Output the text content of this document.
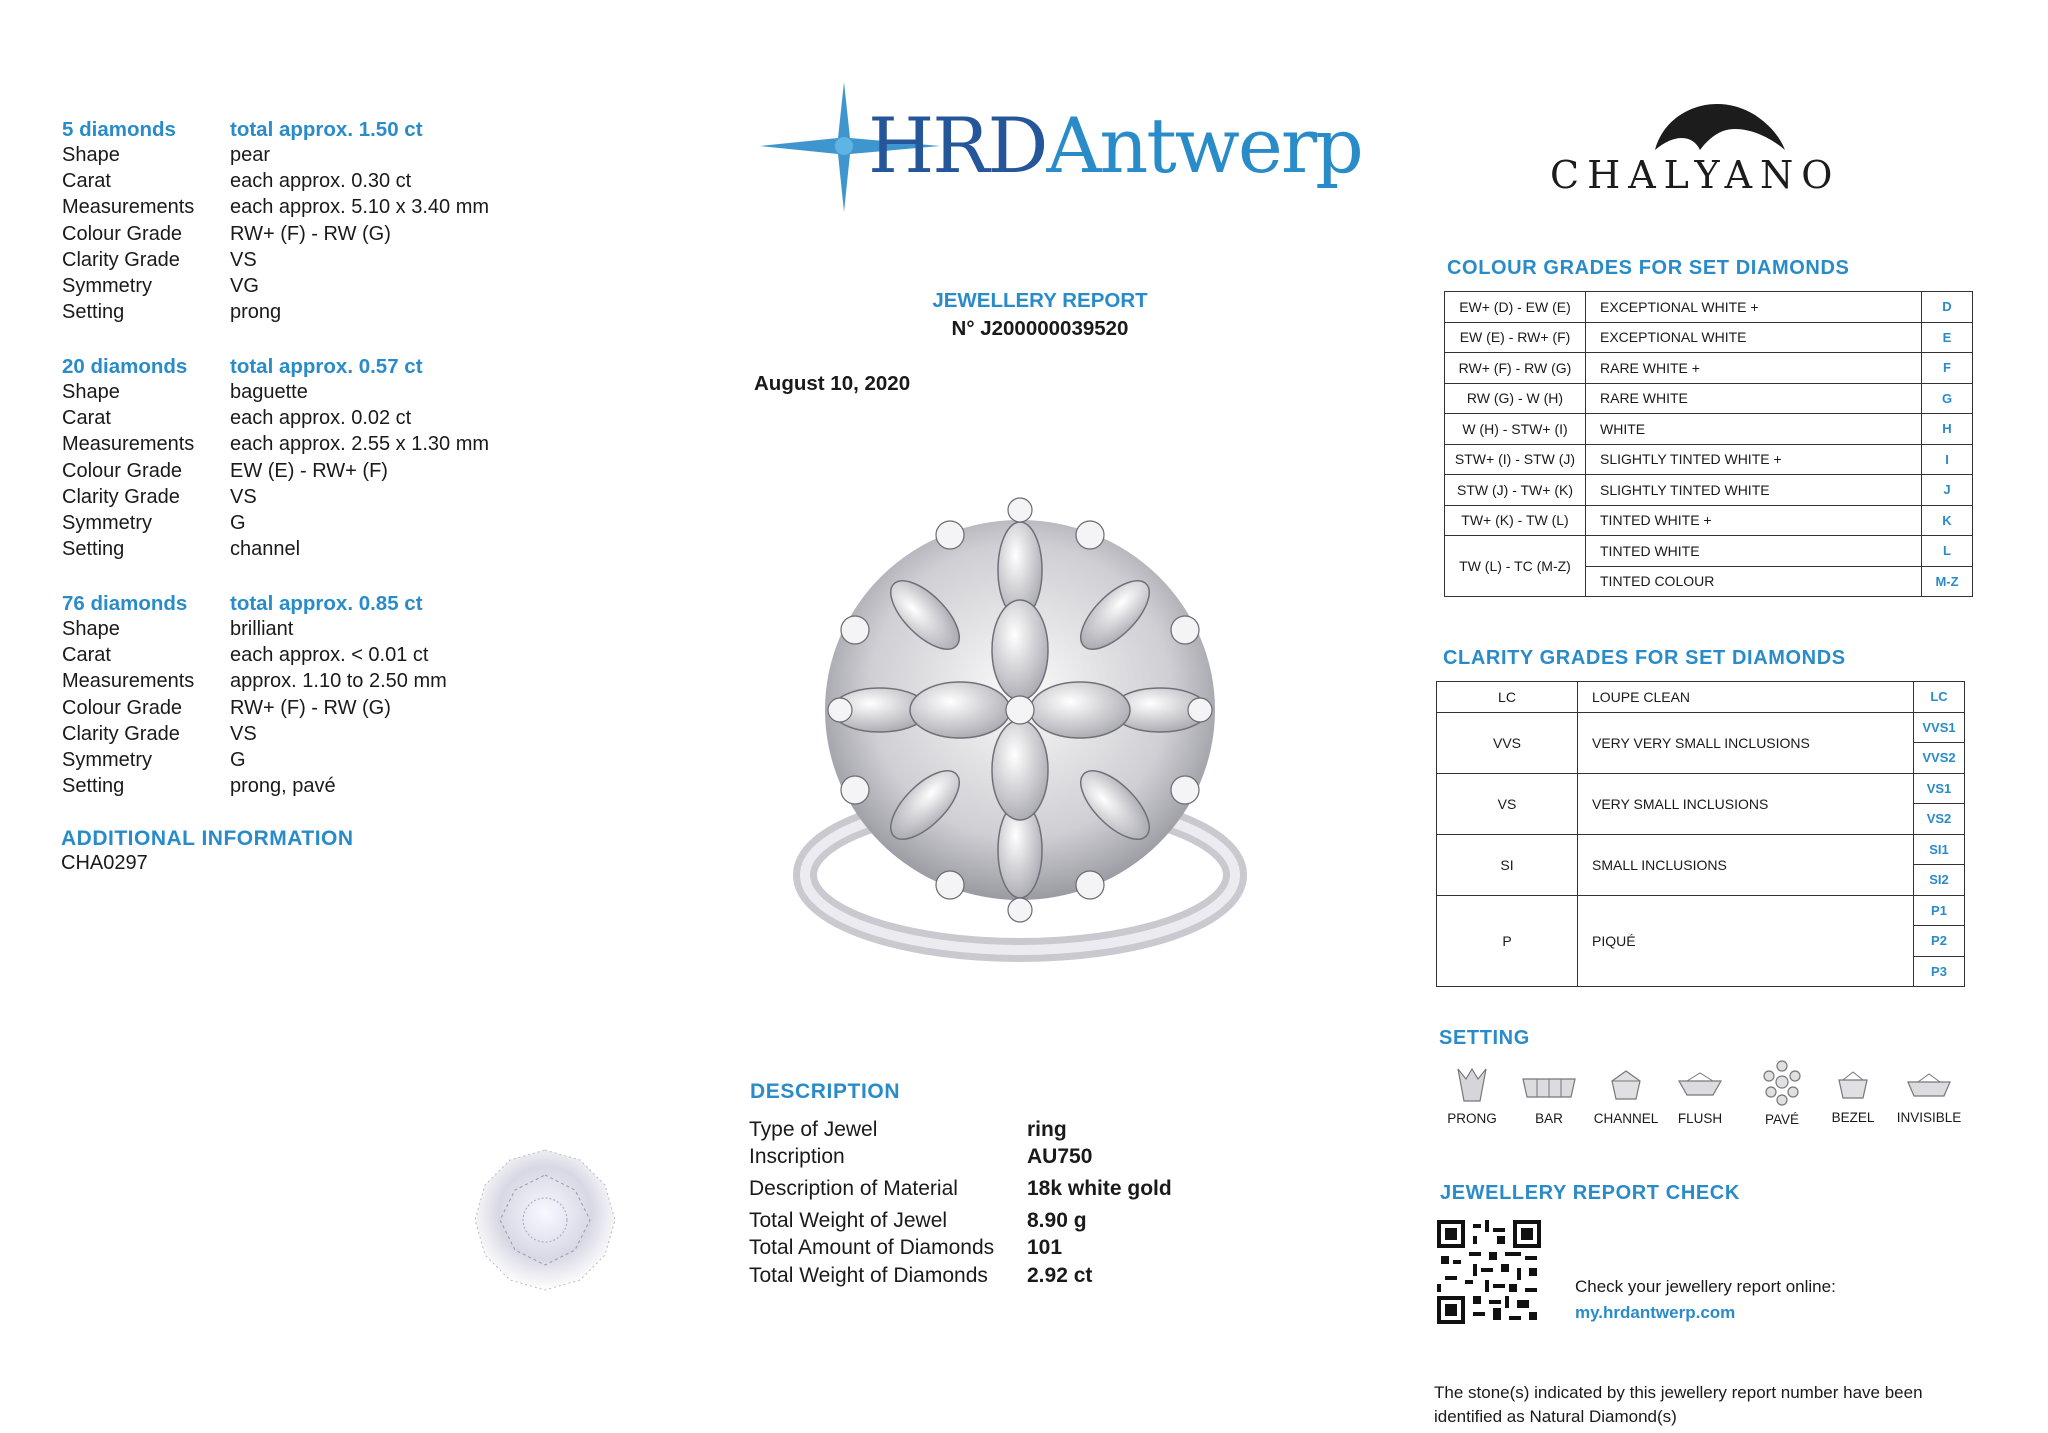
5 diamonds	total approx. 1.50 ct
Shape	pear
Carat	each approx. 0.30 ct
Measurements	each approx. 5.10 x 3.40 mm
Colour Grade	RW+ (F) - RW (G)
Clarity Grade	VS
Symmetry	VG
Setting	prong
20 diamonds	total approx. 0.57 ct
Shape	baguette
Carat	each approx. 0.02 ct
Measurements	each approx. 2.55 x 1.30 mm
Colour Grade	EW (E) - RW+ (F)
Clarity Grade	VS
Symmetry	G
Setting	channel
76 diamonds	total approx. 0.85 ct
Shape	brilliant
Carat	each approx. < 0.01 ct
Measurements	approx. 1.10 to 2.50 mm
Colour Grade	RW+ (F) - RW (G)
Clarity Grade	VS
Symmetry	G
Setting	prong, pavé
ADDITIONAL INFORMATION
CHA0297
HRDAntwerp
JEWELLERY REPORT
N° J200000039520
August 10, 2020
DESCRIPTION
Type of Jewel	ring
Inscription	AU750
Description of Material	18k white gold
Total Weight of Jewel	8.90 g
Total Amount of Diamonds	101
Total Weight of Diamonds	2.92 ct
CHALYANO
COLOUR GRADES FOR SET DIAMONDS
EW+ (D) - EW (E)	EXCEPTIONAL WHITE +	D
EW (E) - RW+ (F)	EXCEPTIONAL WHITE	E
RW+ (F) - RW (G)	RARE WHITE +	F
RW (G) - W (H)	RARE WHITE	G
W (H) - STW+ (I)	WHITE	H
STW+ (I) - STW (J)	SLIGHTLY TINTED WHITE +	I
STW (J) - TW+ (K)	SLIGHTLY TINTED WHITE	J
TW+ (K) - TW (L)	TINTED WHITE +	K
TW (L) - TC (M-Z)	TINTED WHITE	L
	TINTED COLOUR	M-Z
CLARITY GRADES FOR SET DIAMONDS
LC	LOUPE CLEAN	LC
VVS	VERY VERY SMALL INCLUSIONS	VVS1
		VVS2
VS	VERY SMALL INCLUSIONS	VS1
		VS2
SI	SMALL INCLUSIONS	SI1
		SI2
P	PIQUÉ	P1
		P2
		P3
SETTING
PRONG	BAR	CHANNEL	FLUSH	PAVÉ	BEZEL	INVISIBLE
JEWELLERY REPORT CHECK
Check your jewellery report online:
my.hrdantwerp.com
The stone(s) indicated by this jewellery report number have been
identified as Natural Diamond(s)
